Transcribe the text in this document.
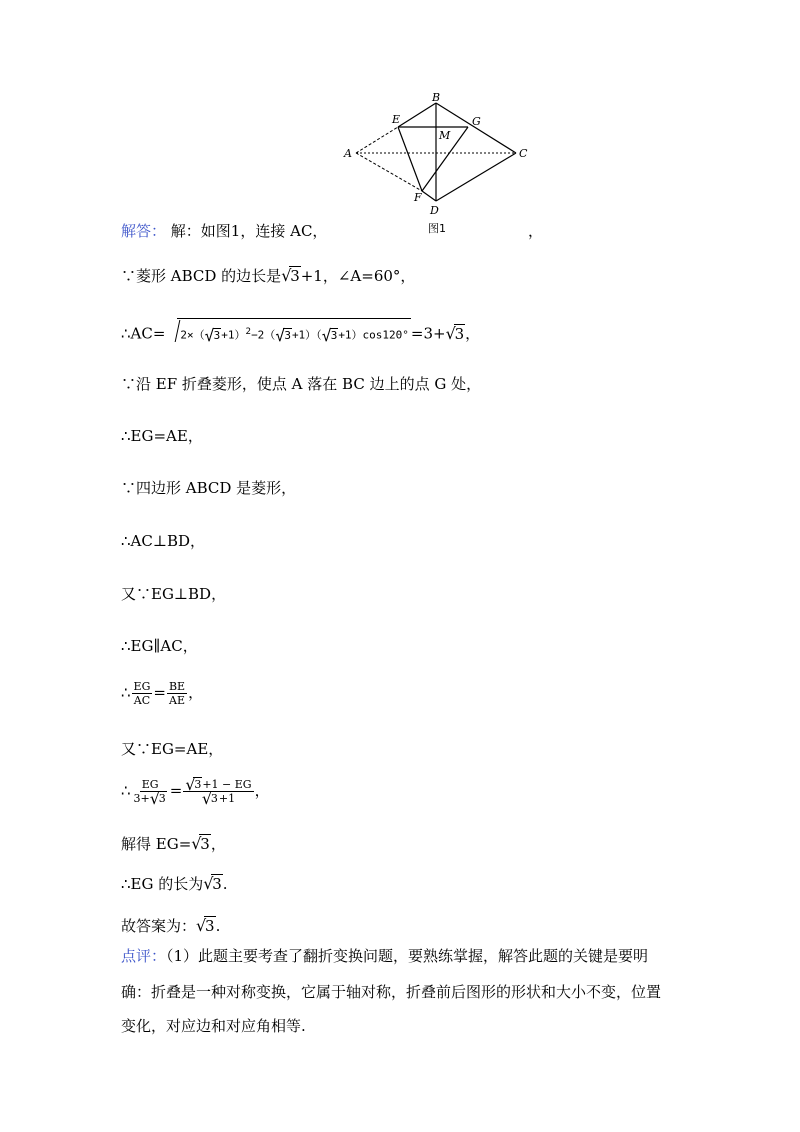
A
B
C
D
E
F
G
M
图1
解答： 解：如图1，连接 AC，	，
∵菱形 ABCD 的边长是 √ 3+1，∠A=60°，
∴AC= 2×（ √ 3+1）$^2$−2（ √ 3+1）（ √ 3+1）cos120° =3+ √ 3，
∵沿 EF 折叠菱形，使点 A 落在 BC 边上的点 G 处，
∴EG=AE，
∵四边形 ABCD 是菱形，
∴AC⊥BD，
又∵EG⊥BD，
∴EG∥AC，
∴ $\frac{EG}{AC} = \frac{BE}{AE}$ ，
又∵EG=AE，
∴ $\frac{EG}{3+ √ 3}$ = √ 3+1 − EG
√ 3+1 ，
解得 EG= √ 3，
∴EG 的长为 √ 3.
故答案为： √ 3.
点评：（1）此题主要考查了翻折变换问题，要熟练掌握，解答此题的关键是要明
确：折叠是一种对称变换，它属于轴对称，折叠前后图形的形状和大小不变，位置
变化，对应边和对应角相等.
